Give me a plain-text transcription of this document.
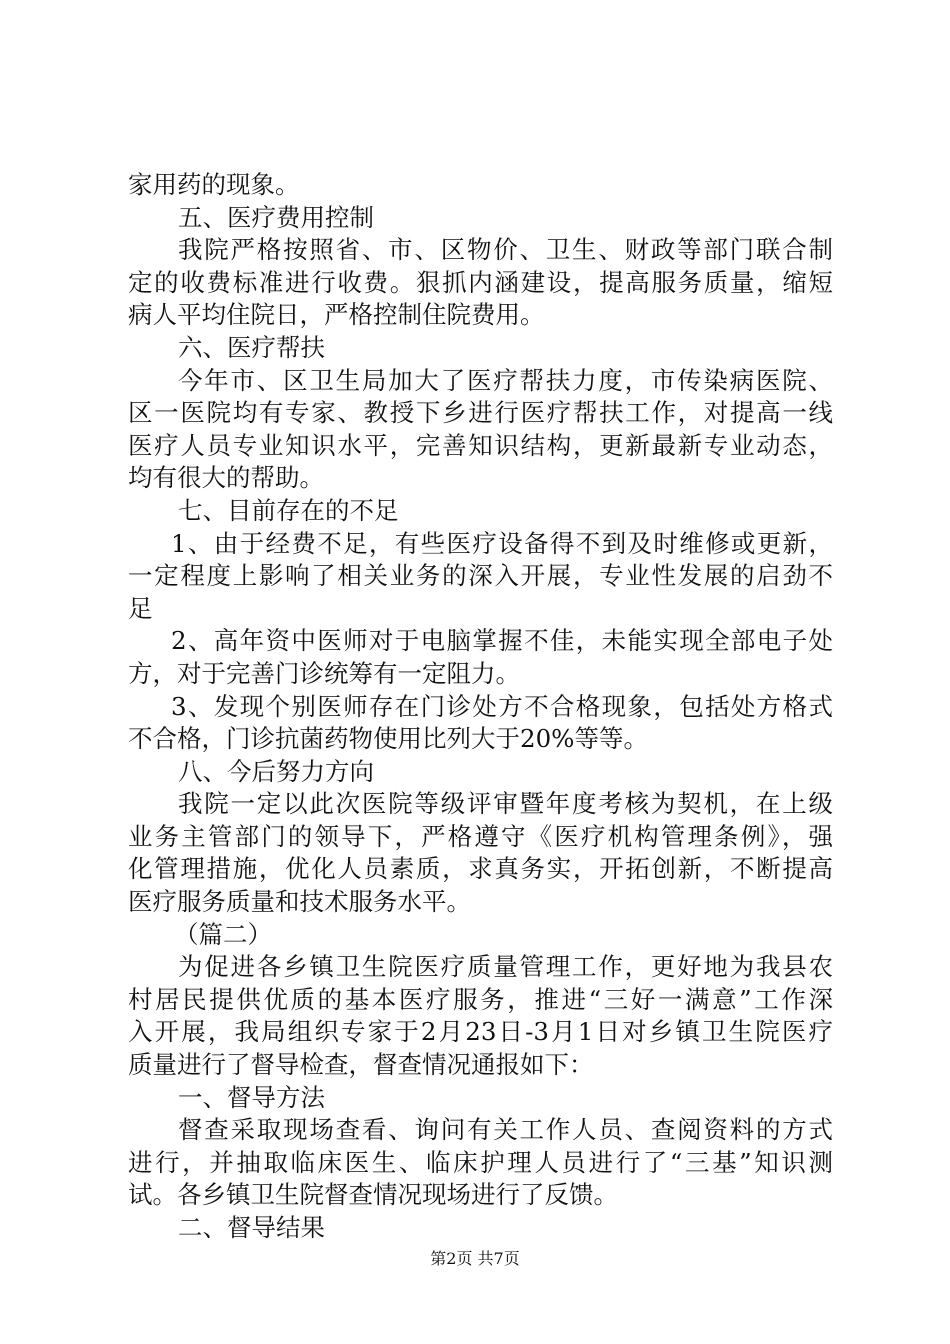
家用药的现象。
五、医疗费用控制
我院严格按照省、市、区物价、卫生、财政等部门联合制
定的收费标准进行收费。狠抓内涵建设，提高服务质量，缩短
病人平均住院日，严格控制住院费用。
六、医疗帮扶
今年市、区卫生局加大了医疗帮扶力度，市传染病医院、
区一医院均有专家、教授下乡进行医疗帮扶工作，对提高一线
医疗人员专业知识水平，完善知识结构，更新最新专业动态，
均有很大的帮助。
七、目前存在的不足
1、由于经费不足，有些医疗设备得不到及时维修或更新，
一定程度上影响了相关业务的深入开展，专业性发展的启劲不
足
2、高年资中医师对于电脑掌握不佳，未能实现全部电子处
方，对于完善门诊统筹有一定阻力。
3、发现个别医师存在门诊处方不合格现象，包括处方格式
不合格，门诊抗菌药物使用比列大于20%等等。
八、今后努力方向
我院一定以此次医院等级评审暨年度考核为契机，在上级
业务主管部门的领导下，严格遵守《医疗机构管理条例》，强
化管理措施，优化人员素质，求真务实，开拓创新，不断提高
医疗服务质量和技术服务水平。
（篇二）
为促进各乡镇卫生院医疗质量管理工作，更好地为我县农
村居民提供优质的基本医疗服务，推进“三好一满意”工作深
入开展，我局组织专家于2月23日-3月1日对乡镇卫生院医疗
质量进行了督导检查，督查情况通报如下：
一、督导方法
督查采取现场查看、询问有关工作人员、查阅资料的方式
进行，并抽取临床医生、临床护理人员进行了“三基”知识测
试。各乡镇卫生院督查情况现场进行了反馈。
二、督导结果
第2页 共7页
